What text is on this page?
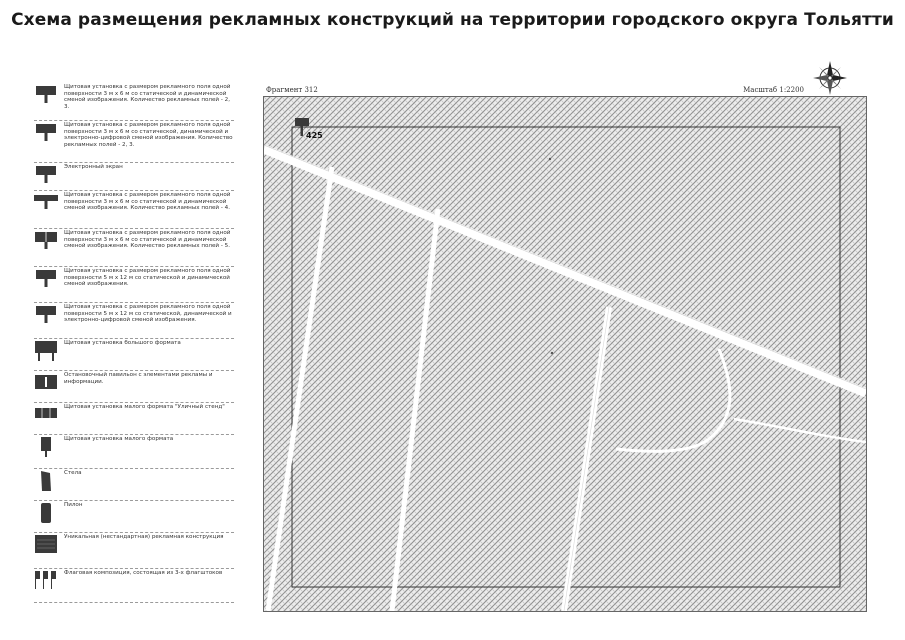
Схема размещения рекламных конструкций на территории городского округа Тольятти
Щитовая установка с размером рекламного поля одной поверхности 3 м х 6 м со статической и динамической сменой изображения. Количество рекламных полей - 2, 3.
Щитовая установка с размером рекламного поля одной поверхности 3 м х 6 м со статической, динамической и электронно-цифровой сменой изображения. Количество рекламных полей - 2, 3.
Электронный экран
Щитовая установка с размером рекламного поля одной поверхности 3 м х 6 м со статической и динамической сменой изображения. Количество рекламных полей - 4.
Щитовая установка с размером рекламного поля одной поверхности 3 м х 6 м со статической и динамической сменой изображения. Количество рекламных полей - 5.
Щитовая установка с размером рекламного поля одной поверхности 5 м х 12 м со статической и динамической сменой изображения.
Щитовая установка с размером рекламного поля одной поверхности 5 м х 12 м со статической, динамической и электронно-цифровой сменой изображения.
Щитовая установка большого формата
Остановочный павильон с элементами рекламы и информации.
Щитовая установка малого формата "Уличный стенд"
Щитовая установка малого формата
Стела
Пилон
Уникальная (нестандартная) рекламная конструкция
Флаговая композиция, состоящая из 3-х флагштоков
Фрагмент 312	Масштаб 1:2200
425
